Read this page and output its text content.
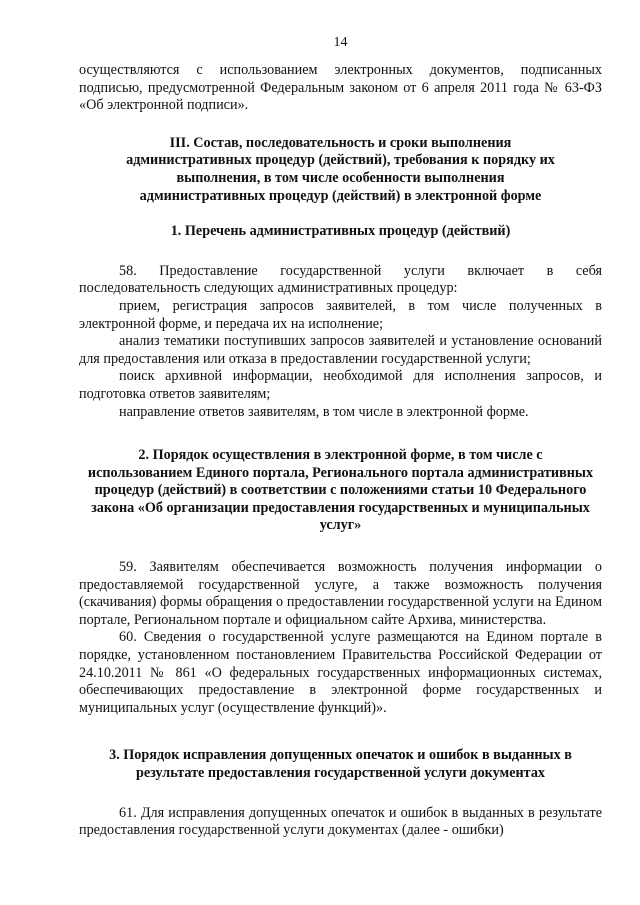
14

осуществляются с использованием электронных документов, подписанных подписью, предусмотренной Федеральным законом от 6 апреля 2011 года № 63-ФЗ «Об электронной подписи».

III. Состав, последовательность и сроки выполнения административных процедур (действий), требования к порядку их выполнения, в том числе особенности выполнения административных процедур (действий) в электронной форме
1. Перечень административных процедур (действий)

58. Предоставление государственной услуги включает в себя последовательность следующих административных процедур:

прием, регистрация запросов заявителей, в том числе полученных в электронной форме, и передача их на исполнение;

анализ тематики поступивших запросов заявителей и установление оснований для предоставления или отказа в предоставлении государственной услуги;

поиск архивной информации, необходимой для исполнения запросов, и подготовка ответов заявителям;

направление ответов заявителям, в том числе в электронной форме.

2. Порядок осуществления в электронной форме, в том числе с использованием Единого портала, Регионального портала административных процедур (действий) в соответствии с положениями статьи 10 Федерального закона «Об организации предоставления государственных и муниципальных услуг»

59. Заявителям обеспечивается возможность получения информации о предоставляемой государственной услуге, а также возможность получения (скачивания) формы обращения о предоставлении государственной услуги на Едином портале, Региональном портале и официальном сайте Архива, министерства.

60. Сведения о государственной услуге размещаются на Едином портале в порядке, установленном постановлением Правительства Российской Федерации от 24.10.2011 № 861 «О федеральных государственных информационных системах, обеспечивающих предоставление в электронной форме государственных и муниципальных услуг (осуществление функций)».

3. Порядок исправления допущенных опечаток и ошибок в выданных в результате предоставления государственной услуги документах

61. Для исправления допущенных опечаток и ошибок в выданных в результате предоставления государственной услуги документах (далее - ошибки)
